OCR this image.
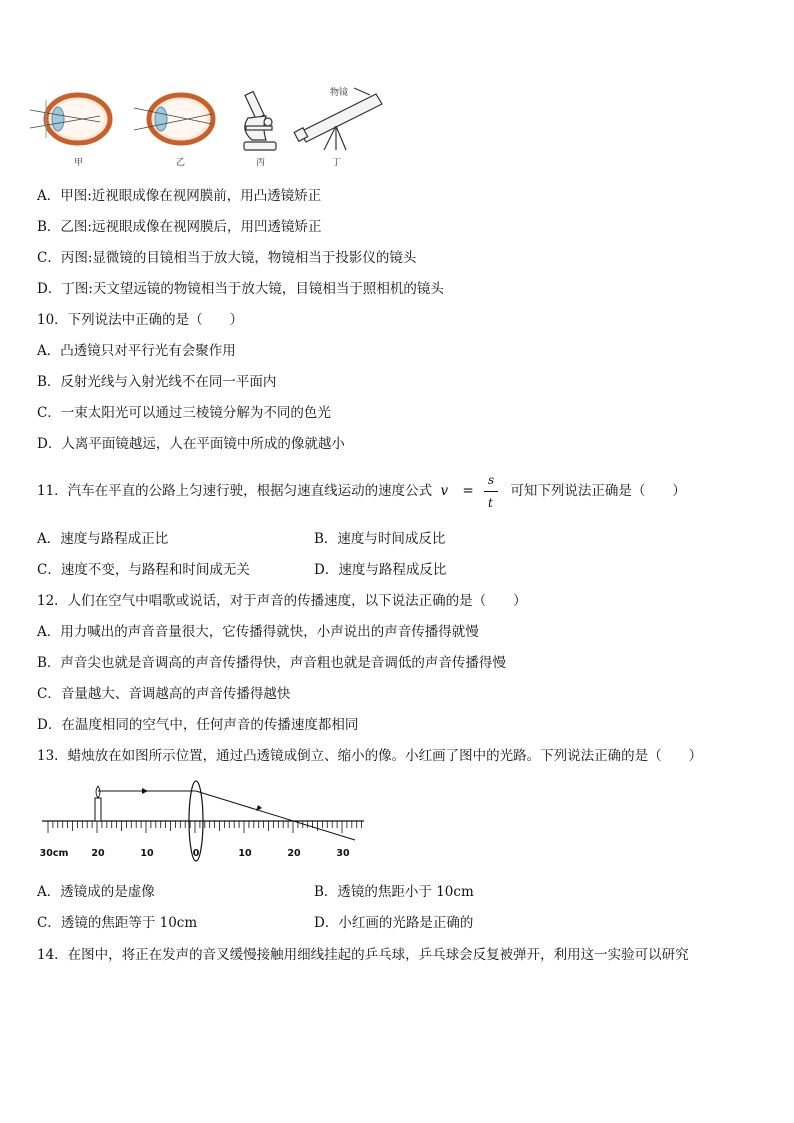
物镜
甲	乙	丙	丁
A．甲图:近视眼成像在视网膜前，用凸透镜矫正
B．乙图:远视眼成像在视网膜后，用凹透镜矫正
C．丙图:显微镜的目镜相当于放大镜，物镜相当于投影仪的镜头
D．丁图:天文望远镜的物镜相当于放大镜，目镜相当于照相机的镜头
10．下列说法中正确的是（　　）
A．凸透镜只对平行光有会聚作用
B．反射光线与入射光线不在同一平面内
C．一束太阳光可以通过三棱镜分解为不同的色光
D．人离平面镜越远，人在平面镜中所成的像就越小
11．汽车在平直的公路上匀速行驶，根据匀速直线运动的速度公式 $v = \frac{s}{t}$ 可知下列说法正确是（　　）
A．速度与路程成正比	B．速度与时间成反比
C．速度不变，与路程和时间成无关	D．速度与路程成反比
12．人们在空气中唱歌或说话，对于声音的传播速度，以下说法正确的是（　　）
A．用力喊出的声音音量很大，它传播得就快，小声说出的声音传播得就慢
B．声音尖也就是音调高的声音传播得快，声音粗也就是音调低的声音传播得慢
C．音量越大、音调越高的声音传播得越快
D．在温度相同的空气中，任何声音的传播速度都相同
13．蜡烛放在如图所示位置，通过凸透镜成倒立、缩小的像。小红画了图中的光路。下列说法正确的是（　　）
30cm 20	10	0	10	20	30
A．透镜成的是虚像	B．透镜的焦距小于 10cm
C．透镜的焦距等于 10cm	D．小红画的光路是正确的
14．在图中，将正在发声的音叉缓慢接触用细线挂起的乒乓球，乒乓球会反复被弹开，利用这一实验可以研究
